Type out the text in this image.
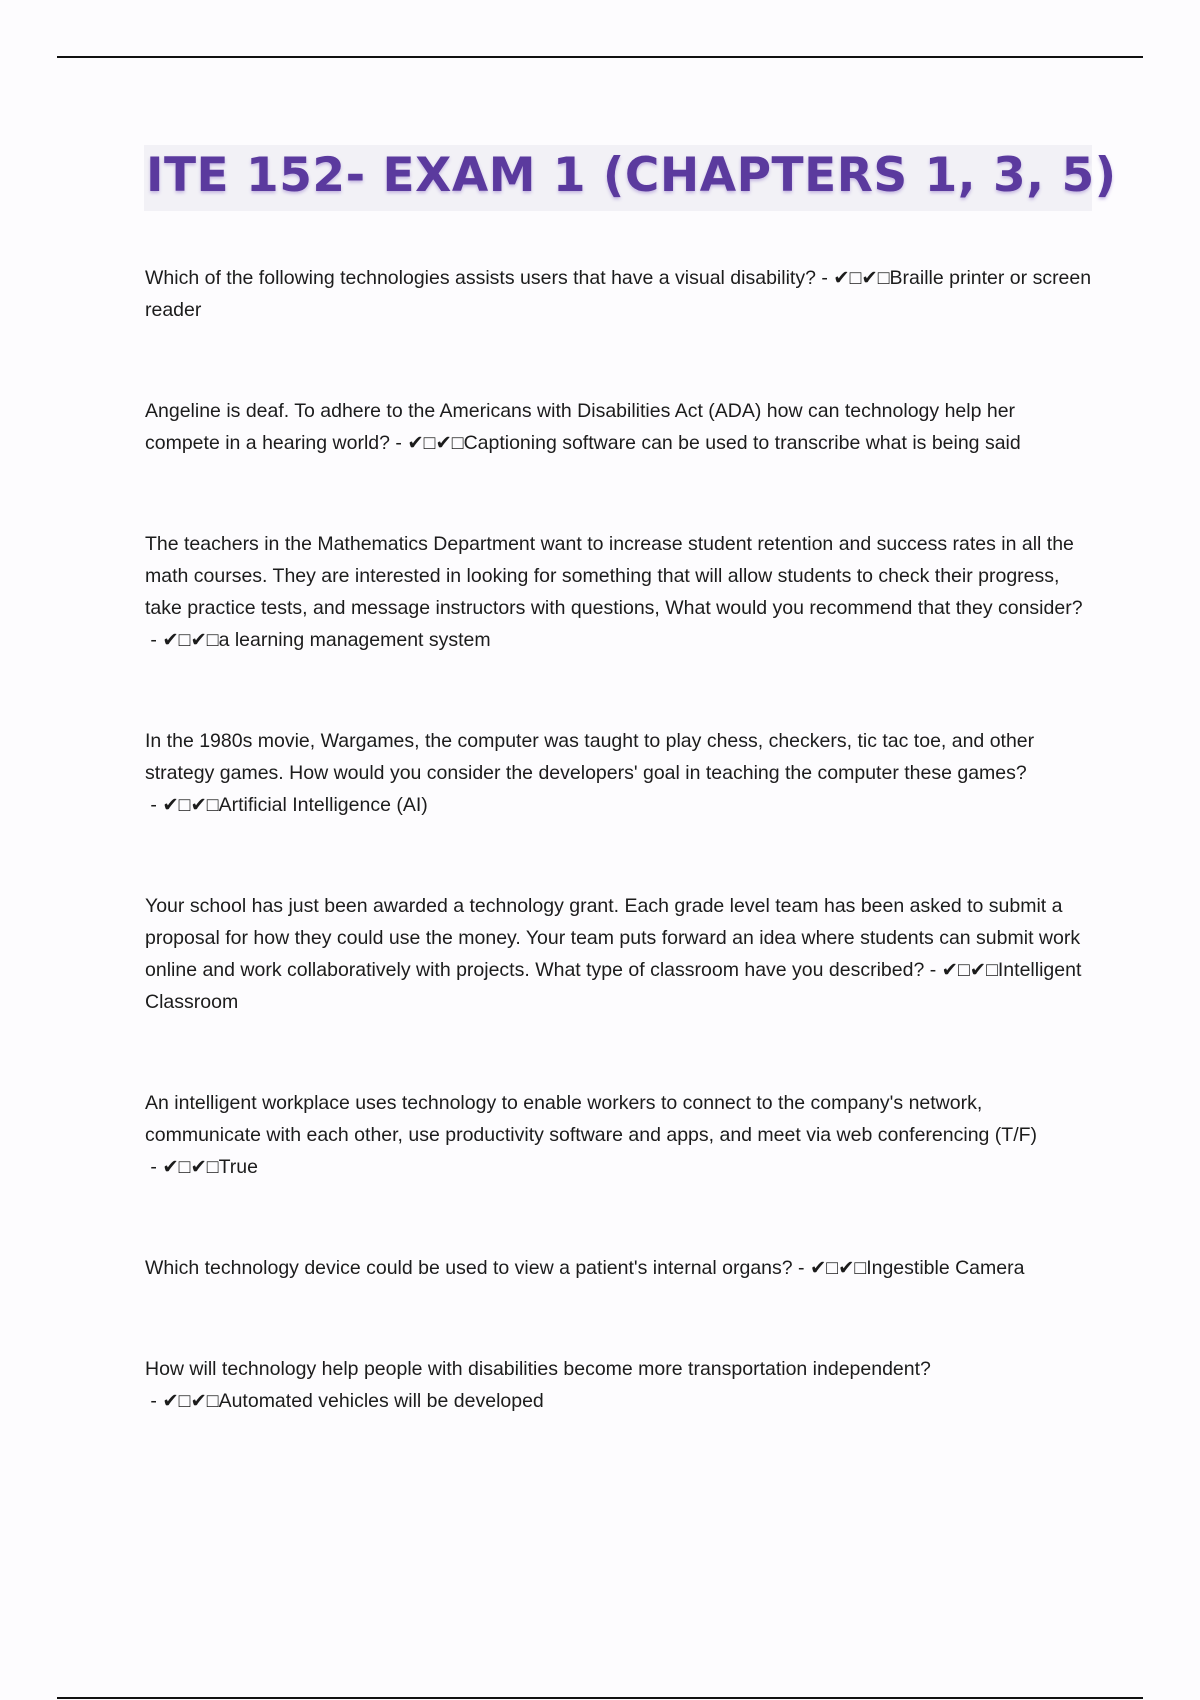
ITE 152- EXAM 1 (CHAPTERS 1, 3, 5)

Which of the following technologies assists users that have a visual disability? - ✔□✔□Braille printer or screen reader

Angeline is deaf. To adhere to the Americans with Disabilities Act (ADA) how can technology help her compete in a hearing world? - ✔□✔□Captioning software can be used to transcribe what is being said

The teachers in the Mathematics Department want to increase student retention and success rates in all the math courses. They are interested in looking for something that will allow students to check their progress, take practice tests, and message instructors with questions, What would you recommend that they consider? - ✔□✔□a learning management system

In the 1980s movie, Wargames, the computer was taught to play chess, checkers, tic tac toe, and other strategy games. How would you consider the developers' goal in teaching the computer these games? - ✔□✔□Artificial Intelligence (AI)

Your school has just been awarded a technology grant. Each grade level team has been asked to submit a proposal for how they could use the money. Your team puts forward an idea where students can submit work online and work collaboratively with projects. What type of classroom have you described? - ✔□✔□Intelligent Classroom

An intelligent workplace uses technology to enable workers to connect to the company's network, communicate with each other, use productivity software and apps, and meet via web conferencing (T/F) - ✔□✔□True

Which technology device could be used to view a patient's internal organs? - ✔□✔□Ingestible Camera

How will technology help people with disabilities become more transportation independent? - ✔□✔□Automated vehicles will be developed
